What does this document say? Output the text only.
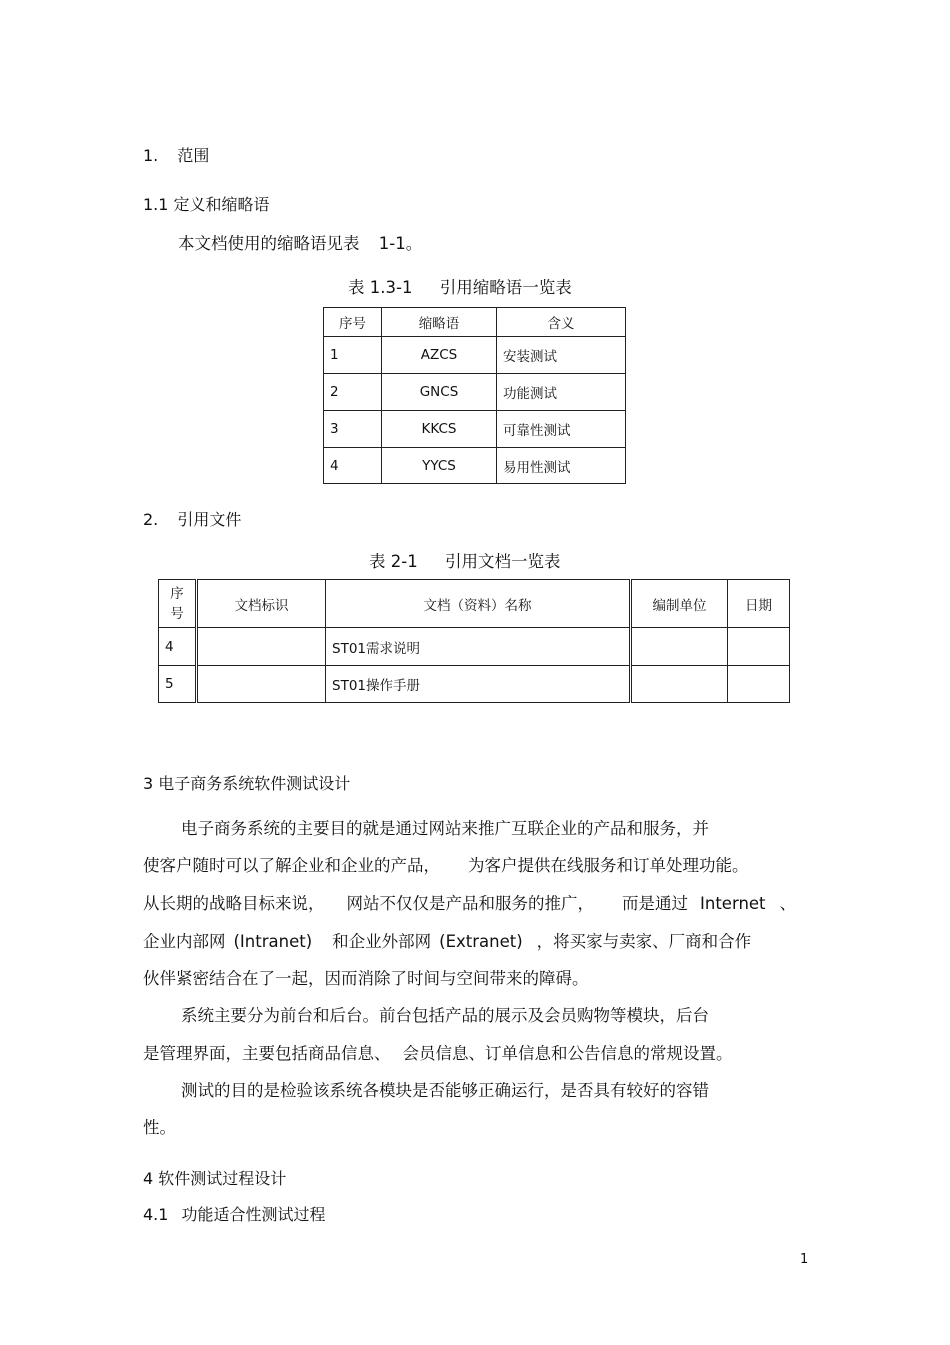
1. 范围
1.1 定义和缩略语
本文档使用的缩略语见表 1-1。
表 1.3-1 引用缩略语一览表
序号	缩略语	含义
1	AZCS	安装测试
2	GNCS	功能测试
3	KKCS	可靠性测试
4	YYCS	易用性测试
2. 引用文件
表 2-1 引用文档一览表
序
号	文档标识	文档（资料）名称	编制单位	日期
4		ST01需求说明		
5		ST01操作手册		
3 电子商务系统软件测试设计
电子商务系统的主要目的就是通过网站来推广互联企业的产品和服务，并
使客户随时可以了解企业和企业的产品， 为客户提供在线服务和订单处理功能。
从长期的战略目标来说， 网站不仅仅是产品和服务的推广， 而是通过 Internet 、
企业内部网 (Intranet) 和企业外部网 (Extranet) ，将买家与卖家、厂商和合作
伙伴紧密结合在了一起，因而消除了时间与空间带来的障碍。
系统主要分为前台和后台。前台包括产品的展示及会员购物等模块，后台
是管理界面，主要包括商品信息、 会员信息、订单信息和公告信息的常规设置。
测试的目的是检验该系统各模块是否能够正确运行，是否具有较好的容错
性。
4 软件测试过程设计
4.1 功能适合性测试过程
1
